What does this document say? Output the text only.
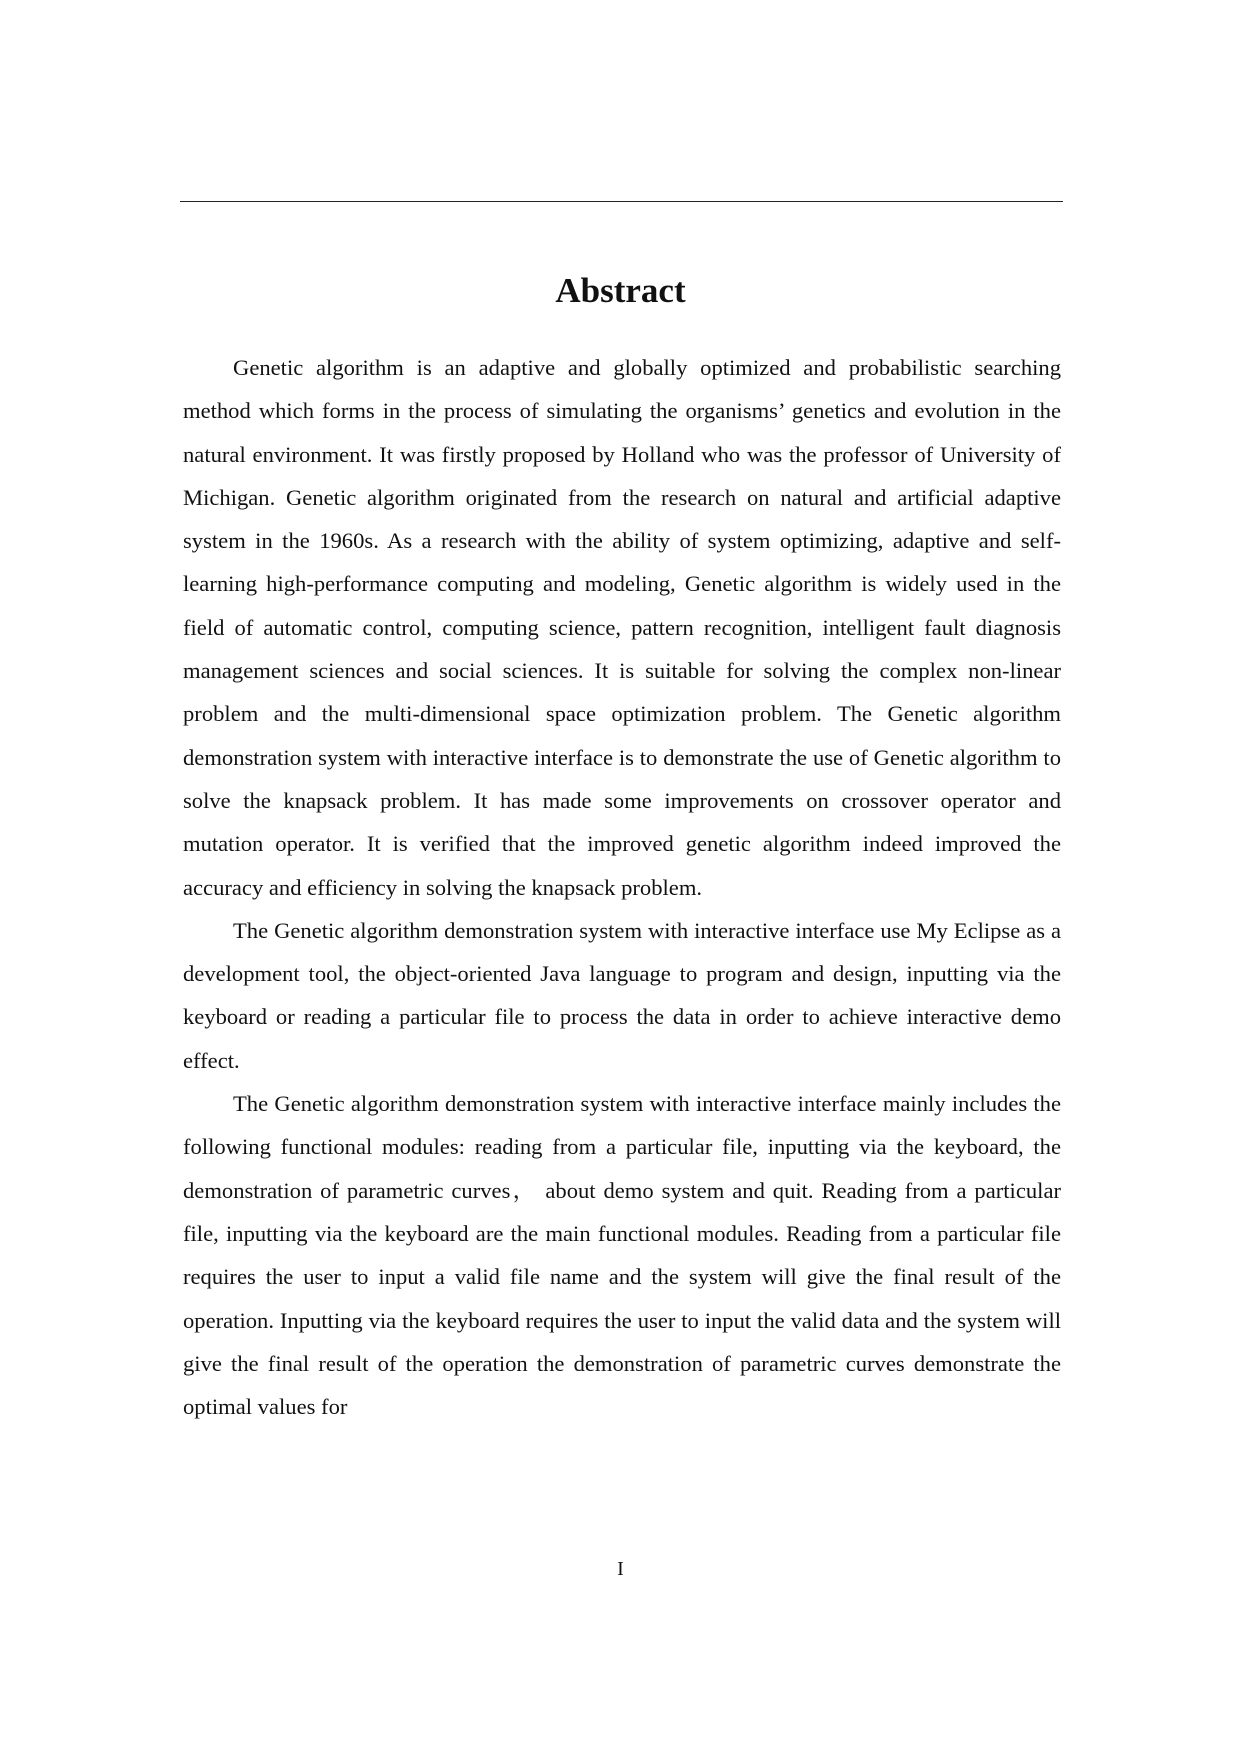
Abstract

Genetic algorithm is an adaptive and globally optimized and probabilistic searching method which forms in the process of simulating the organisms’ genetics and evolution in the natural environment. It was firstly proposed by Holland who was the professor of University of Michigan. Genetic algorithm originated from the research on natural and artificial adaptive system in the 1960s. As a research with the ability of system optimizing, adaptive and self-learning high-performance computing and modeling, Genetic algorithm is widely used in the field of automatic control, computing science, pattern recognition, intelligent fault diagnosis management sciences and social sciences. It is suitable for solving the complex non-linear problem and the multi-dimensional space optimization problem. The Genetic algorithm demonstration system with interactive interface is to demonstrate the use of Genetic algorithm to solve the knapsack problem. It has made some improvements on crossover operator and mutation operator. It is verified that the improved genetic algorithm indeed improved the accuracy and efficiency in solving the knapsack problem.

The Genetic algorithm demonstration system with interactive interface use My Eclipse as a development tool, the object-oriented Java language to program and design, inputting via the keyboard or reading a particular file to process the data in order to achieve interactive demo effect.

The Genetic algorithm demonstration system with interactive interface mainly includes the following functional modules: reading from a particular file, inputting via the keyboard, the demonstration of parametric curves， about demo system and quit. Reading from a particular file, inputting via the keyboard are the main functional modules. Reading from a particular file requires the user to input a valid file name and the system will give the final result of the operation. Inputting via the keyboard requires the user to input the valid data and the system will give the final result of the operation the demonstration of parametric curves demonstrate the optimal values for

I
